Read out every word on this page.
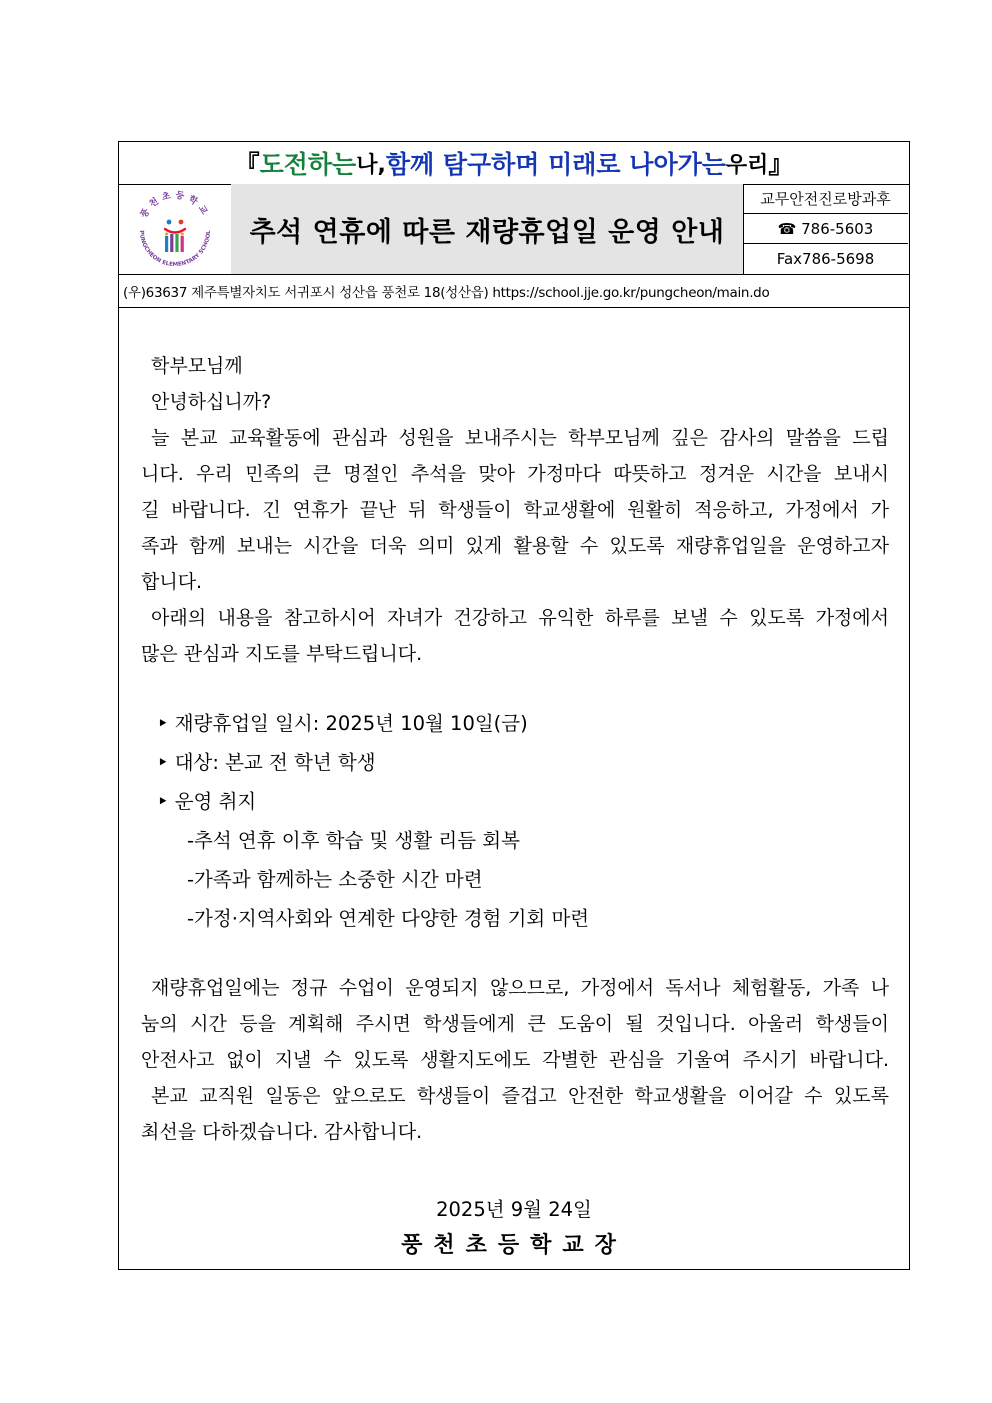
『 도전하는 나, 함께 탐구하며 미래로 나아가는 우리 』
풍천초등학교
PUNGCHEON ELEMENTARY SCHOOL	추석 연휴에 따른 재량휴업일 운영 안내
교무안전진로방과후
☎ 786-5603
Fax786-5698
(우)63637 제주특별자치도 서귀포시 성산읍 풍천로 18(성산읍) https://school.jje.go.kr/pungcheon/main.do

학부모님께

안녕하십니까?

늘 본교 교육활동에 관심과 성원을 보내주시는 학부모님께 깊은 감사의 말씀을 드립

니다. 우리 민족의 큰 명절인 추석을 맞아 가정마다 따뜻하고 정겨운 시간을 보내시

길 바랍니다. 긴 연휴가 끝난 뒤 학생들이 학교생활에 원활히 적응하고, 가정에서 가

족과 함께 보내는 시간을 더욱 의미 있게 활용할 수 있도록 재량휴업일을 운영하고자

합니다.

아래의 내용을 참고하시어 자녀가 건강하고 유익한 하루를 보낼 수 있도록 가정에서

많은 관심과 지도를 부탁드립니다.

‣ 재량휴업일 일시: 2025년 10월 10일(금)
‣ 대상: 본교 전 학년 학생
‣ 운영 취지
-추석 연휴 이후 학습 및 생활 리듬 회복
-가족과 함께하는 소중한 시간 마련
-가정·지역사회와 연계한 다양한 경험 기회 마련

재량휴업일에는 정규 수업이 운영되지 않으므로, 가정에서 독서나 체험활동, 가족 나

눔의 시간 등을 계획해 주시면 학생들에게 큰 도움이 될 것입니다. 아울러 학생들이

안전사고 없이 지낼 수 있도록 생활지도에도 각별한 관심을 기울여 주시기 바랍니다.

본교 교직원 일동은 앞으로도 학생들이 즐겁고 안전한 학교생활을 이어갈 수 있도록

최선을 다하겠습니다. 감사합니다.

2025년 9월 24일
풍천초등학교장
